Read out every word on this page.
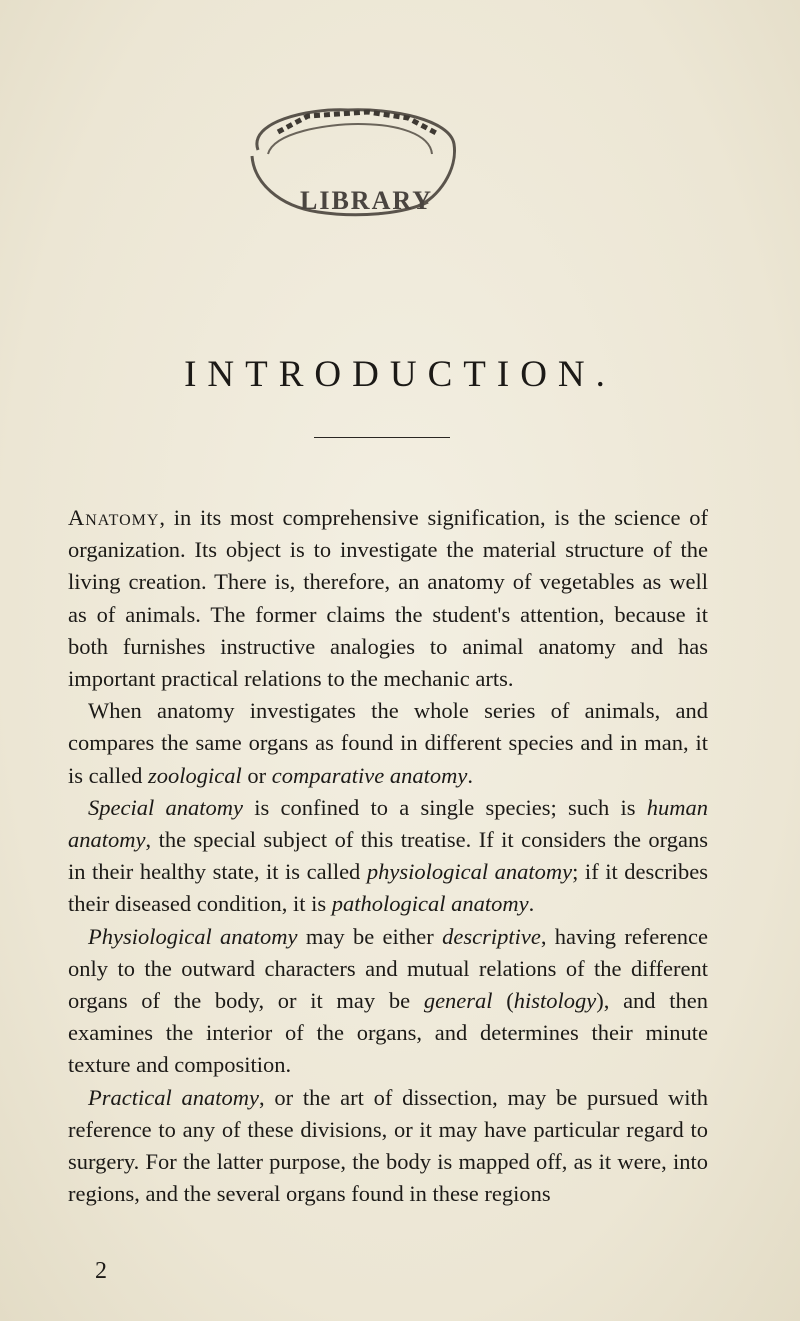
LIBRARY
INTRODUCTION.

Anatomy, in its most comprehensive signification, is the science of organization. Its object is to investigate the material structure of the living creation. There is, therefore, an anatomy of vegetables as well as of animals. The former claims the student's attention, because it both furnishes instructive analogies to animal anatomy and has important practical relations to the mechanic arts.

When anatomy investigates the whole series of animals, and compares the same organs as found in different species and in man, it is called zoological or comparative anatomy.

Special anatomy is confined to a single species; such is human anatomy, the special subject of this treatise. If it considers the organs in their healthy state, it is called physiological anatomy; if it describes their diseased condition, it is pathological anatomy.

Physiological anatomy may be either descriptive, having reference only to the outward characters and mutual relations of the different organs of the body, or it may be general (histology), and then examines the interior of the organs, and determines their minute texture and composition.

Practical anatomy, or the art of dissection, may be pursued with reference to any of these divisions, or it may have particular regard to surgery. For the latter purpose, the body is mapped off, as it were, into regions, and the several organs found in these regions

2
